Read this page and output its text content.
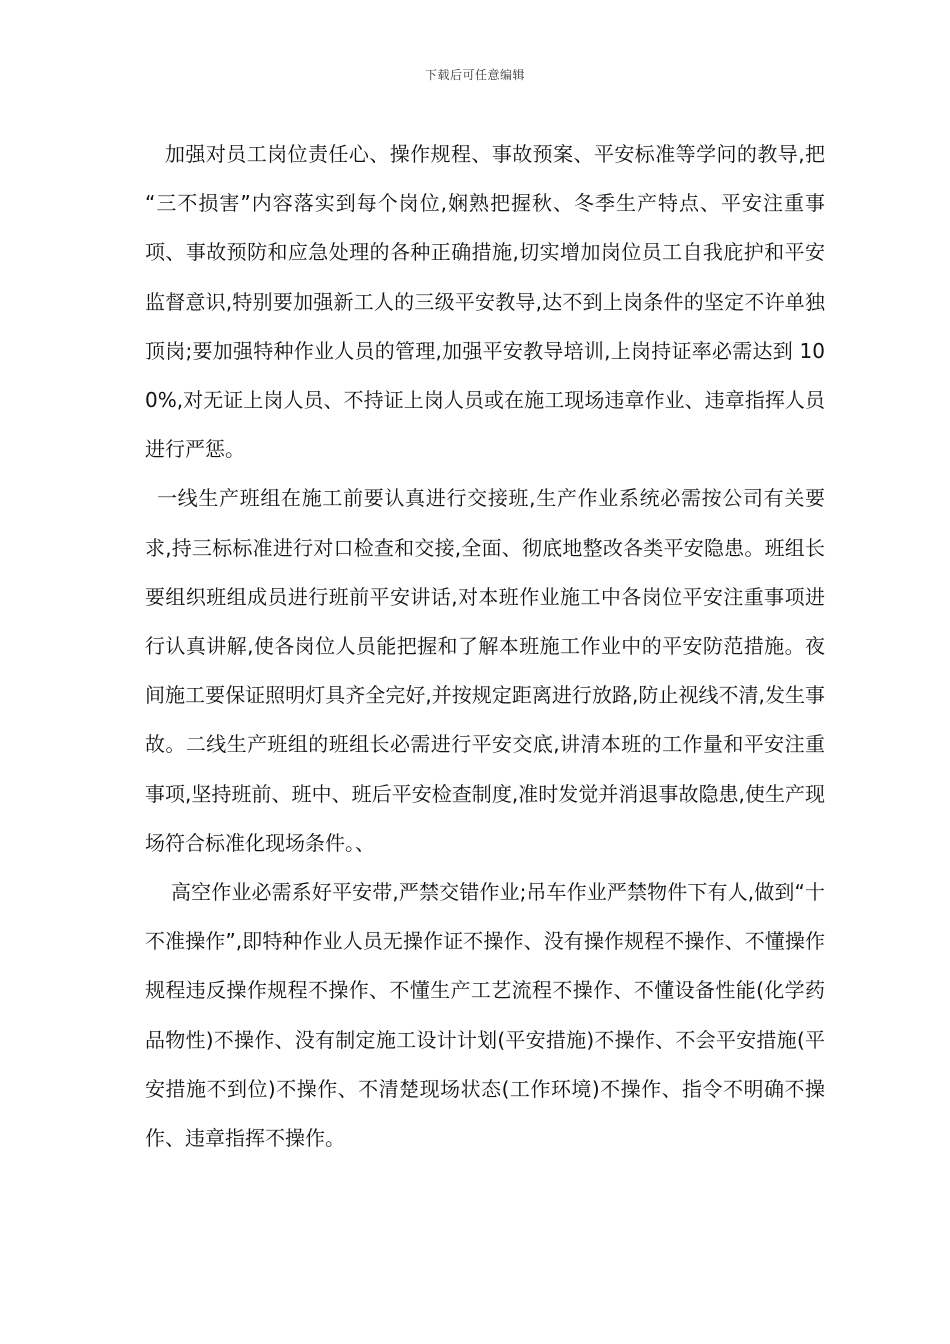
下载后可任意编辑

加强对员工岗位责任心、操作规程、事故预案、平安标准等学问的教导,把 “三不损害”内容落实到每个岗位,娴熟把握秋、冬季生产特点、平安注重事项、事故预防和应急处理的各种正确措施,切实增加岗位员工自我庇护和平安监督意识,特别要加强新工人的三级平安教导,达不到上岗条件的坚定不许单独顶岗;要加强特种作业人员的管理,加强平安教导培训,上岗持证率必需达到 100%,对无证上岗人员、不持证上岗人员或在施工现场违章作业、违章指挥人员进行严惩。

一线生产班组在施工前要认真进行交接班,生产作业系统必需按公司有关要求,持三标标准进行对口检查和交接,全面、彻底地整改各类平安隐患。班组长要组织班组成员进行班前平安讲话,对本班作业施工中各岗位平安注重事项进行认真讲解,使各岗位人员能把握和了解本班施工作业中的平安防范措施。夜间施工要保证照明灯具齐全完好,并按规定距离进行放路,防止视线不清,发生事故。二线生产班组的班组长必需进行平安交底,讲清本班的工作量和平安注重事项,坚持班前、班中、班后平安检查制度,准时发觉并消退事故隐患,使生产现场符合标准化现场条件。、

高空作业必需系好平安带,严禁交错作业;吊车作业严禁物件下有人,做到“十不准操作”,即特种作业人员无操作证不操作、没有操作规程不操作、不懂操作规程违反操作规程不操作、不懂生产工艺流程不操作、不懂设备性能(化学药品物性)不操作、没有制定施工设计计划(平安措施)不操作、不会平安措施(平安措施不到位)不操作、不清楚现场状态(工作环境)不操作、指令不明确不操作、违章指挥不操作。
